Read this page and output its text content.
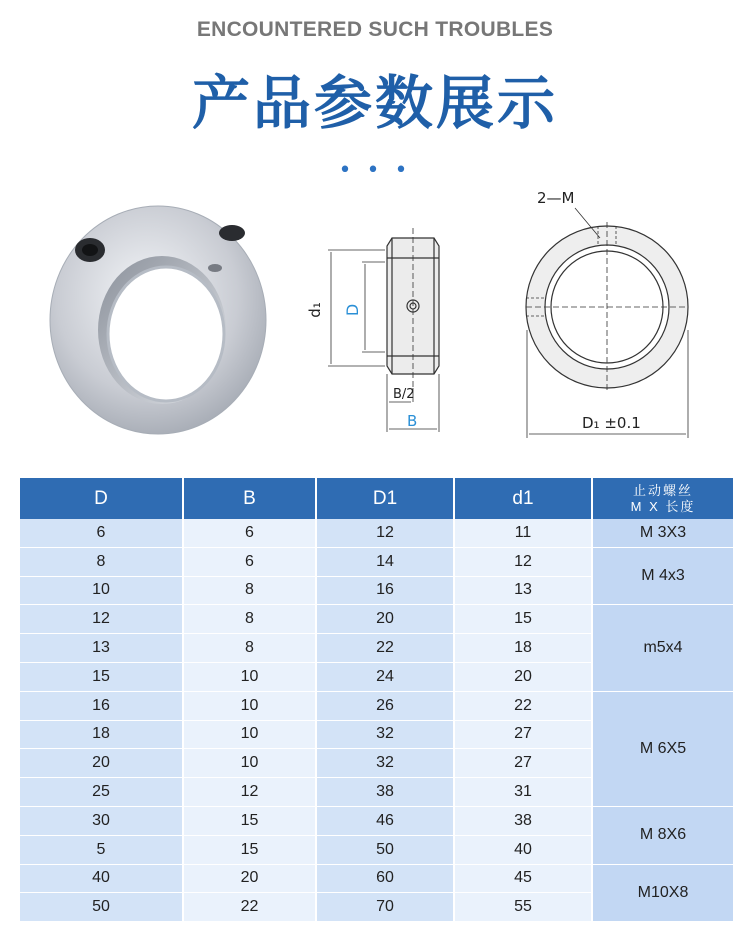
ENCOUNTERED SUCH TROUBLES
产品参数展示
• • •
d₁ D
B/2
B
2—M
D₁ ±0.1
D	B	D1	d1	止动螺丝
M X 长度

6	6	12	11	M 3X3
8	6	14	12	M 4x3
10	8	16	13	
12	8	20	15	m5x4
13	8	22	18	
15	10	24	20	
16	10	26	22	M 6X5
18	10	32	27	
20	10	32	27	
25	12	38	31	
30	15	46	38	M 8X6
5	15	50	40	
40	20	60	45	M10X8
50	22	70	55	
